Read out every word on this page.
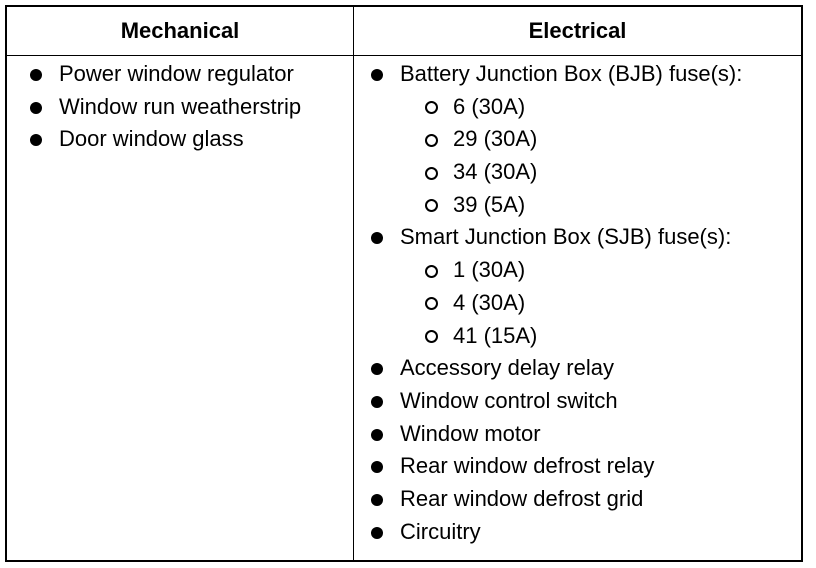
Mechanical	Electrical
Power window regulator
Window run weatherstrip
Door window glass
Battery Junction Box (BJB) fuse(s):
6 (30A)
29 (30A)
34 (30A)
39 (5A)
Smart Junction Box (SJB) fuse(s):
1 (30A)
4 (30A)
41 (15A)
Accessory delay relay
Window control switch
Window motor
Rear window defrost relay
Rear window defrost grid
Circuitry
